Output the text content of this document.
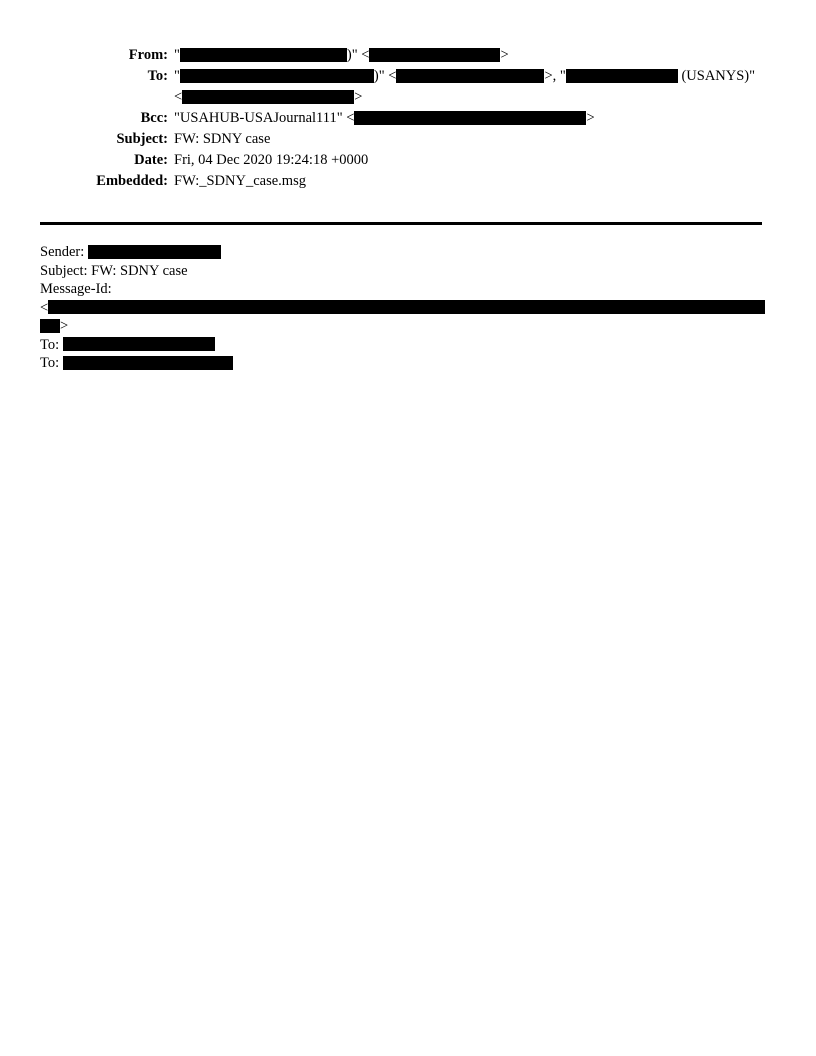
From: "	)" <	>
To: "	)" <	>, "	(USANYS)"
<	>
Bcc: "USAHUB-USAJournal111" <	>
Subject: FW: SDNY case
Date: Fri, 04 Dec 2020 19:24:18 +0000
Embedded: FW:_SDNY_case.msg
Sender:
Subject: FW: SDNY case
Message-Id:
<
>
To:
To:
